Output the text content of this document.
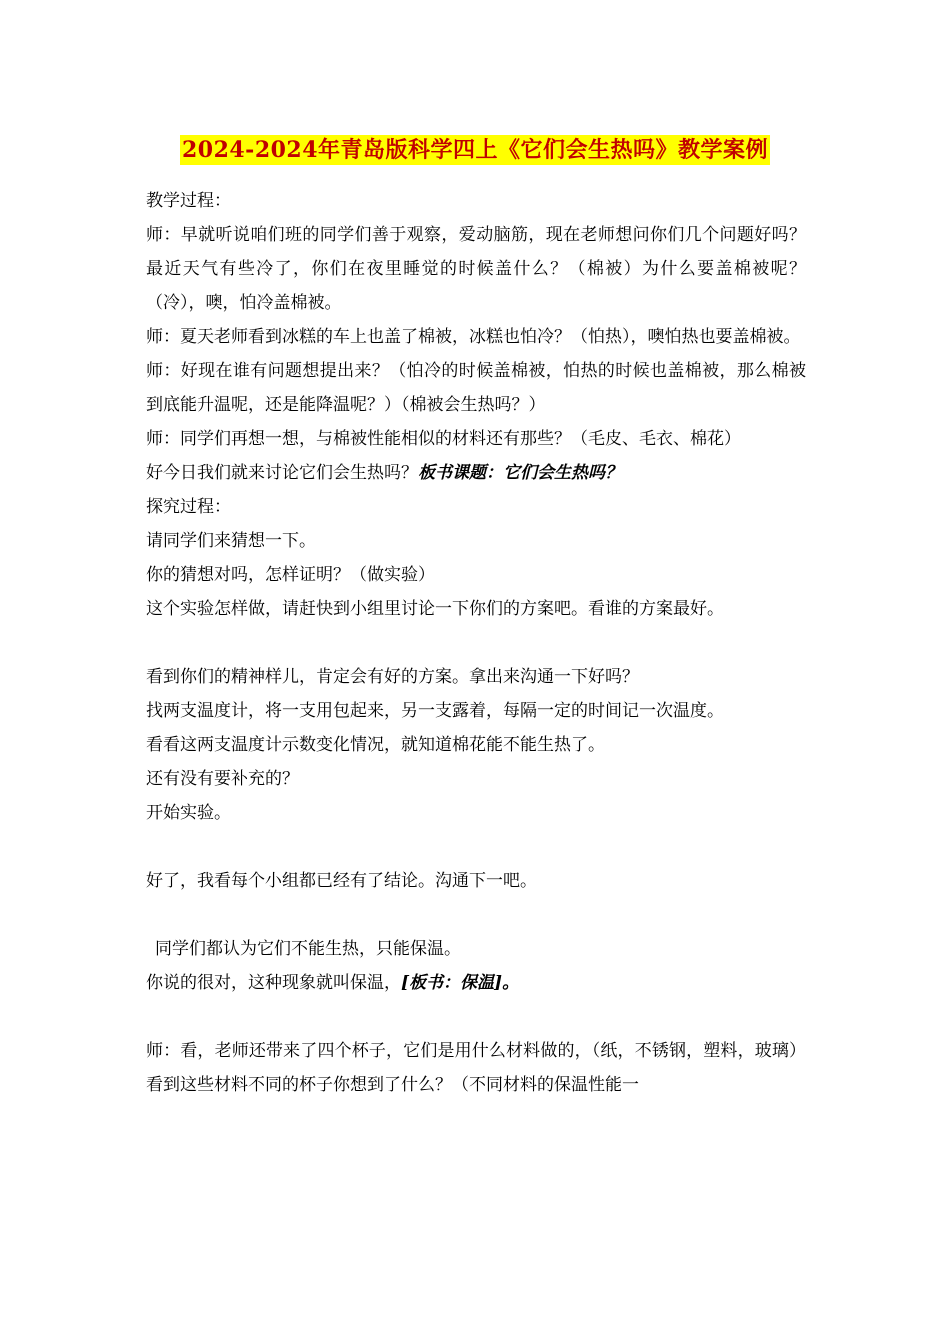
2024-2024年青岛版科学四上《它们会生热吗》教学案例

教学过程：

师：早就听说咱们班的同学们善于观察，爱动脑筋，现在老师想问你们几个问题好吗？最近天气有些冷了，你们在夜里睡觉的时候盖什么？（棉被）为什么要盖棉被呢？（冷），噢，怕冷盖棉被。

师：夏天老师看到冰糕的车上也盖了棉被，冰糕也怕冷？（怕热），噢怕热也要盖棉被。

师：好现在谁有问题想提出来？（怕冷的时候盖棉被，怕热的时候也盖棉被，那么棉被到底能升温呢，还是能降温呢？）（棉被会生热吗？）

师：同学们再想一想，与棉被性能相似的材料还有那些？（毛皮、毛衣、棉花）

好今日我们就来讨论它们会生热吗？板书课题：它们会生热吗？

探究过程：

请同学们来猜想一下。

你的猜想对吗，怎样证明？（做实验）

这个实验怎样做，请赶快到小组里讨论一下你们的方案吧。看谁的方案最好。

看到你们的精神样儿，肯定会有好的方案。拿出来沟通一下好吗？

找两支温度计，将一支用包起来，另一支露着，每隔一定的时间记一次温度。

看看这两支温度计示数变化情况，就知道棉花能不能生热了。

还有没有要补充的？

开始实验。

好了，我看每个小组都已经有了结论。沟通下一吧。

同学们都认为它们不能生热，只能保温。

你说的很对，这种现象就叫保温，[板书：保温]。

师：看，老师还带来了四个杯子，它们是用什么材料做的，（纸，不锈钢，塑料，玻璃）看到这些材料不同的杯子你想到了什么？（不同材料的保温性能一
